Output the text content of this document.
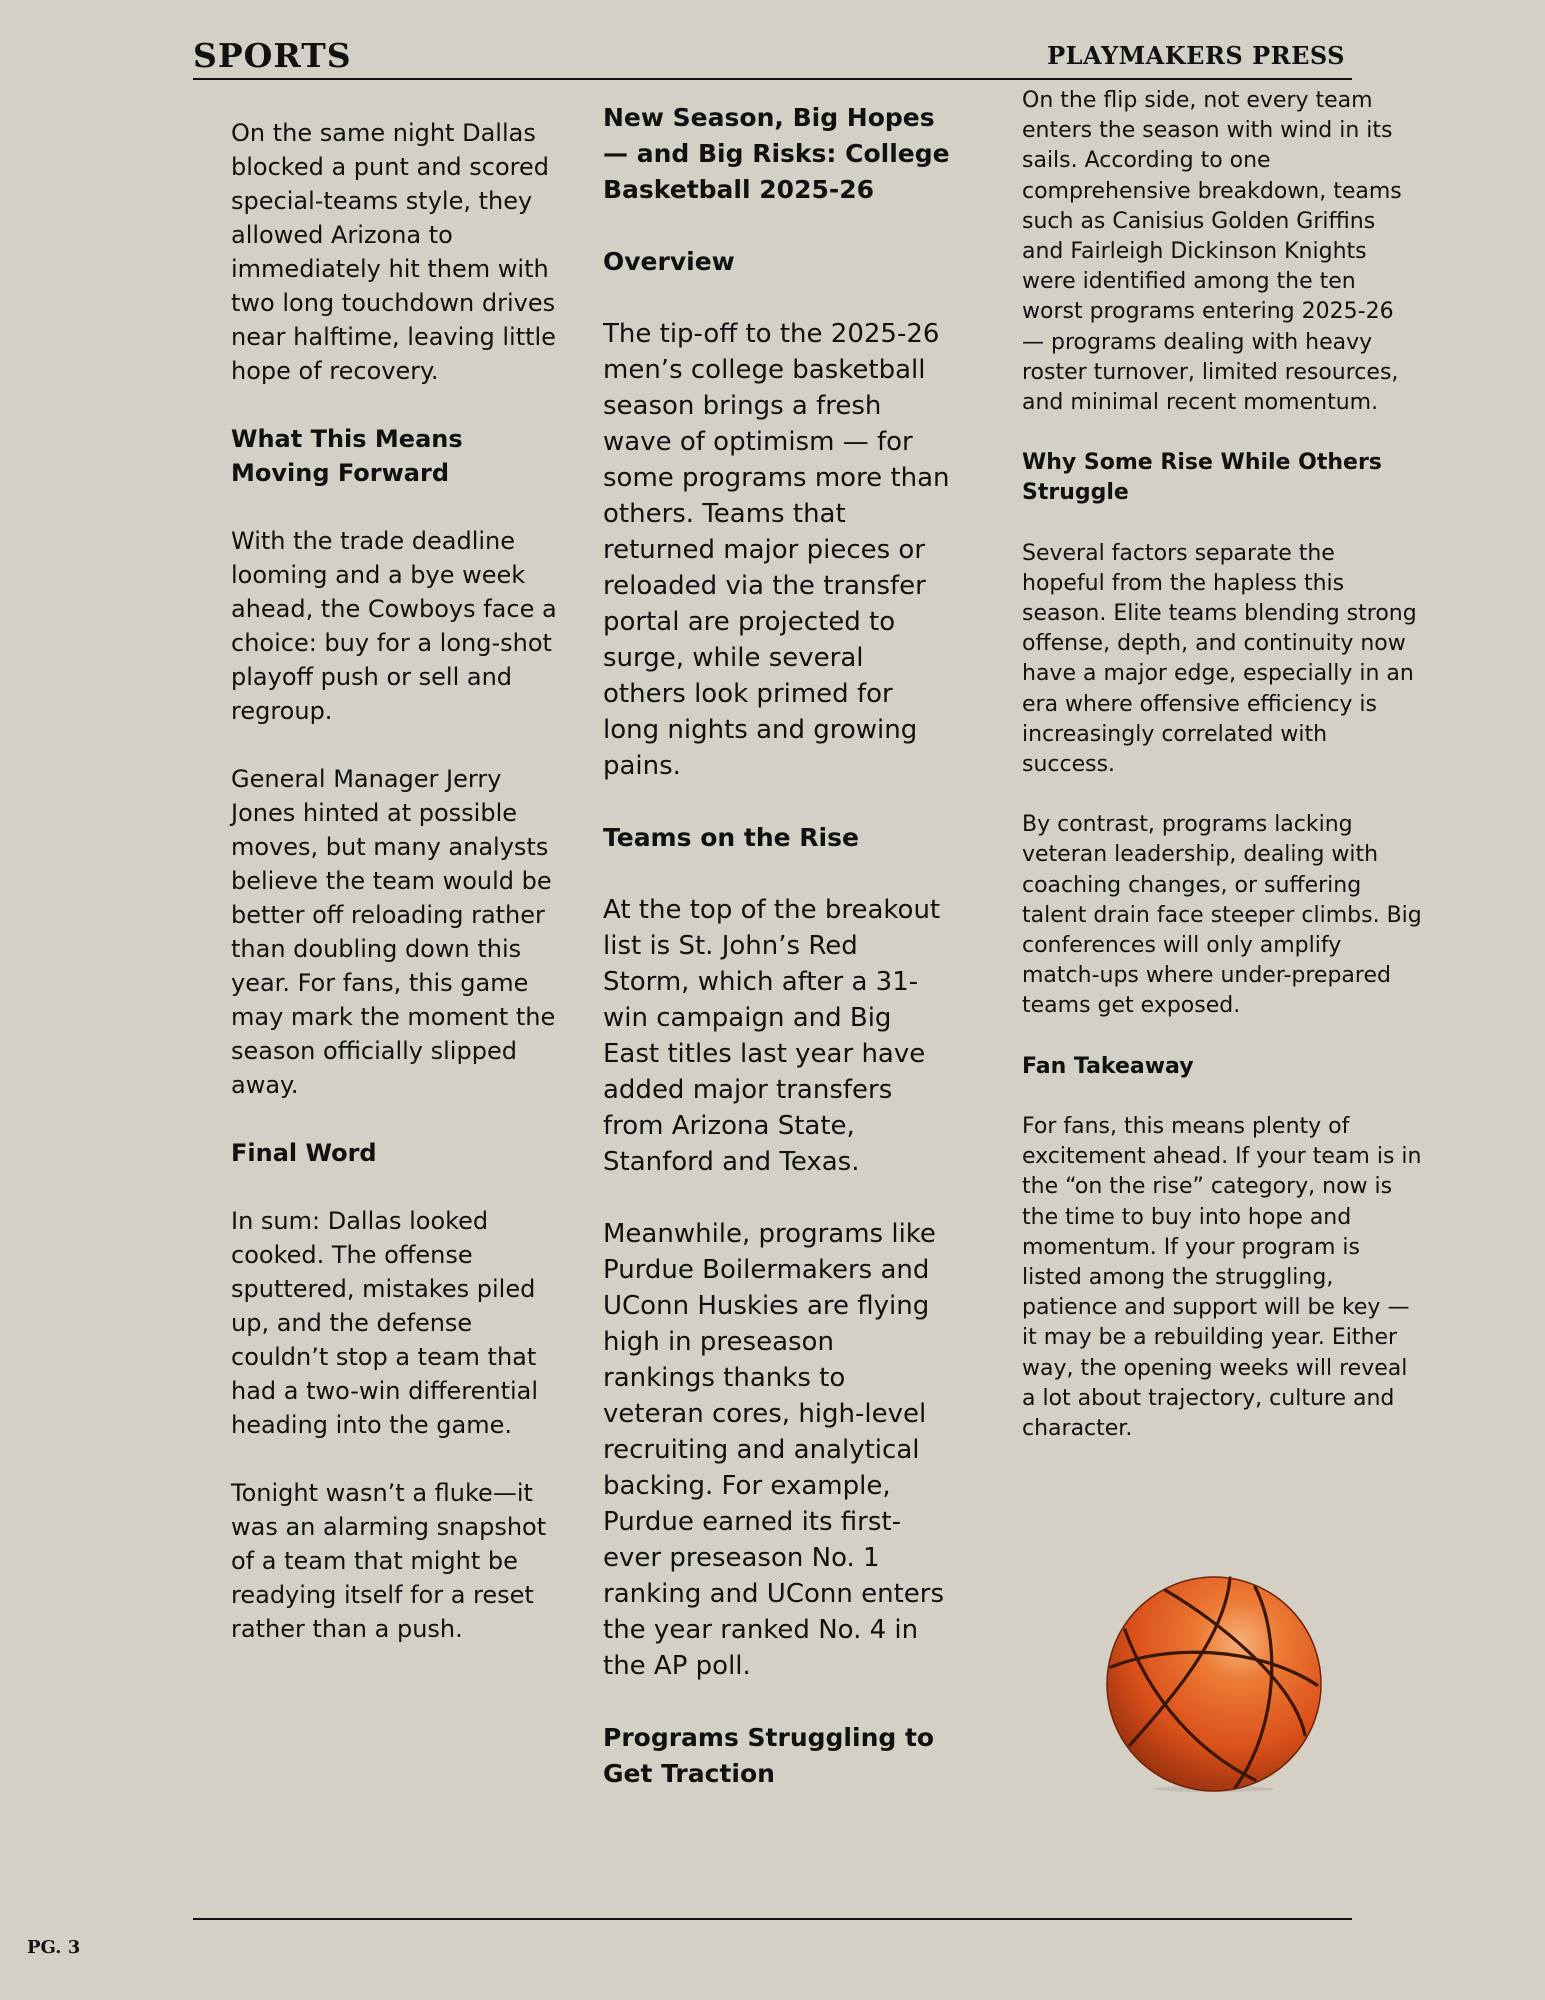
SPORTS	PLAYMAKERS PRESS

On the same night Dallas blocked a punt and scored special-teams style, they allowed Arizona to immediately hit them with two long touchdown drives near halftime, leaving little hope of recovery.

What This Means Moving Forward

With the trade deadline looming and a bye week ahead, the Cowboys face a choice: buy for a long-shot playoff push or sell and regroup.

General Manager Jerry Jones hinted at possible moves, but many analysts believe the team would be better off reloading rather than doubling down this year. For fans, this game may mark the moment the season officially slipped away.

Final Word

In sum: Dallas looked cooked. The offense sputtered, mistakes piled up, and the defense couldn’t stop a team that had a two-win differential heading into the game.

Tonight wasn’t a fluke—it was an alarming snapshot of a team that might be readying itself for a reset rather than a push.

New Season, Big Hopes — and Big Risks: College Basketball 2025-26
Overview

The tip-off to the 2025-26 men’s college basketball season brings a fresh wave of optimism — for some programs more than others. Teams that returned major pieces or reloaded via the transfer portal are projected to surge, while several others look primed for long nights and growing pains.

Teams on the Rise

At the top of the breakout list is St. John’s Red Storm, which after a 31-win campaign and Big East titles last year have added major transfers from Arizona State, Stanford and Texas.

Meanwhile, programs like Purdue Boilermakers and UConn Huskies are flying high in preseason rankings thanks to veteran cores, high-level recruiting and analytical backing. For example, Purdue earned its first-ever preseason No. 1 ranking and UConn enters the year ranked No. 4 in the AP poll.

Programs Struggling to Get Traction

On the flip side, not every team enters the season with wind in its sails. According to one comprehensive breakdown, teams such as Canisius Golden Griffins and Fairleigh Dickinson Knights were identified among the ten worst programs entering 2025-26 — programs dealing with heavy roster turnover, limited resources, and minimal recent momentum.

Why Some Rise While Others Struggle

Several factors separate the hopeful from the hapless this season. Elite teams blending strong offense, depth, and continuity now have a major edge, especially in an era where offensive efficiency is increasingly correlated with success.

By contrast, programs lacking veteran leadership, dealing with coaching changes, or suffering talent drain face steeper climbs. Big conferences will only amplify match-ups where under-prepared teams get exposed.

Fan Takeaway

For fans, this means plenty of excitement ahead. If your team is in the “on the rise” category, now is the time to buy into hope and momentum. If your program is listed among the struggling, patience and support will be key — it may be a rebuilding year. Either way, the opening weeks will reveal a lot about trajectory, culture and character.

PG. 3
